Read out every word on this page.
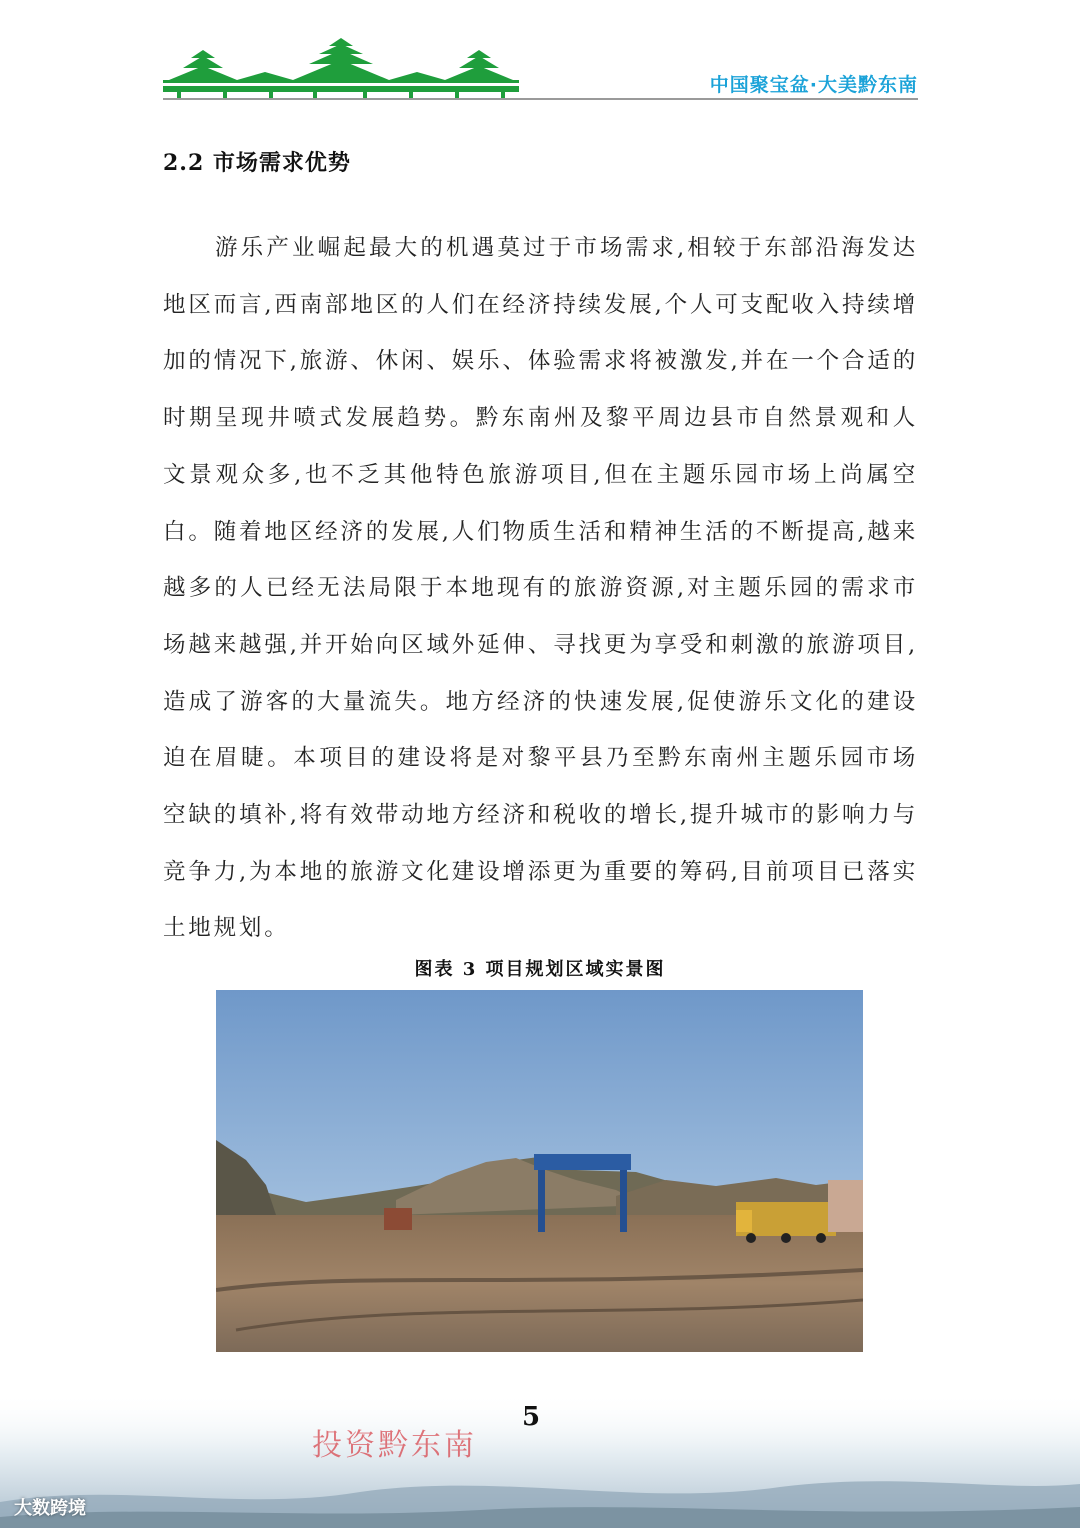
中国聚宝盆·大美黔东南
2.2 市场需求优势

游乐产业崛起最大的机遇莫过于市场需求,相较于东部沿海发达地区而言,西南部地区的人们在经济持续发展,个人可支配收入持续增加的情况下,旅游、休闲、娱乐、体验需求将被激发,并在一个合适的时期呈现井喷式发展趋势。黔东南州及黎平周边县市自然景观和人文景观众多,也不乏其他特色旅游项目,但在主题乐园市场上尚属空白。随着地区经济的发展,人们物质生活和精神生活的不断提高,越来越多的人已经无法局限于本地现有的旅游资源,对主题乐园的需求市场越来越强,并开始向区域外延伸、寻找更为享受和刺激的旅游项目,造成了游客的大量流失。地方经济的快速发展,促使游乐文化的建设迫在眉睫。本项目的建设将是对黎平县乃至黔东南州主题乐园市场空缺的填补,将有效带动地方经济和税收的增长,提升城市的影响力与竞争力,为本地的旅游文化建设增添更为重要的筹码,目前项目已落实土地规划。

图表 3 项目规划区域实景图
投资黔东南
5
大数跨境
